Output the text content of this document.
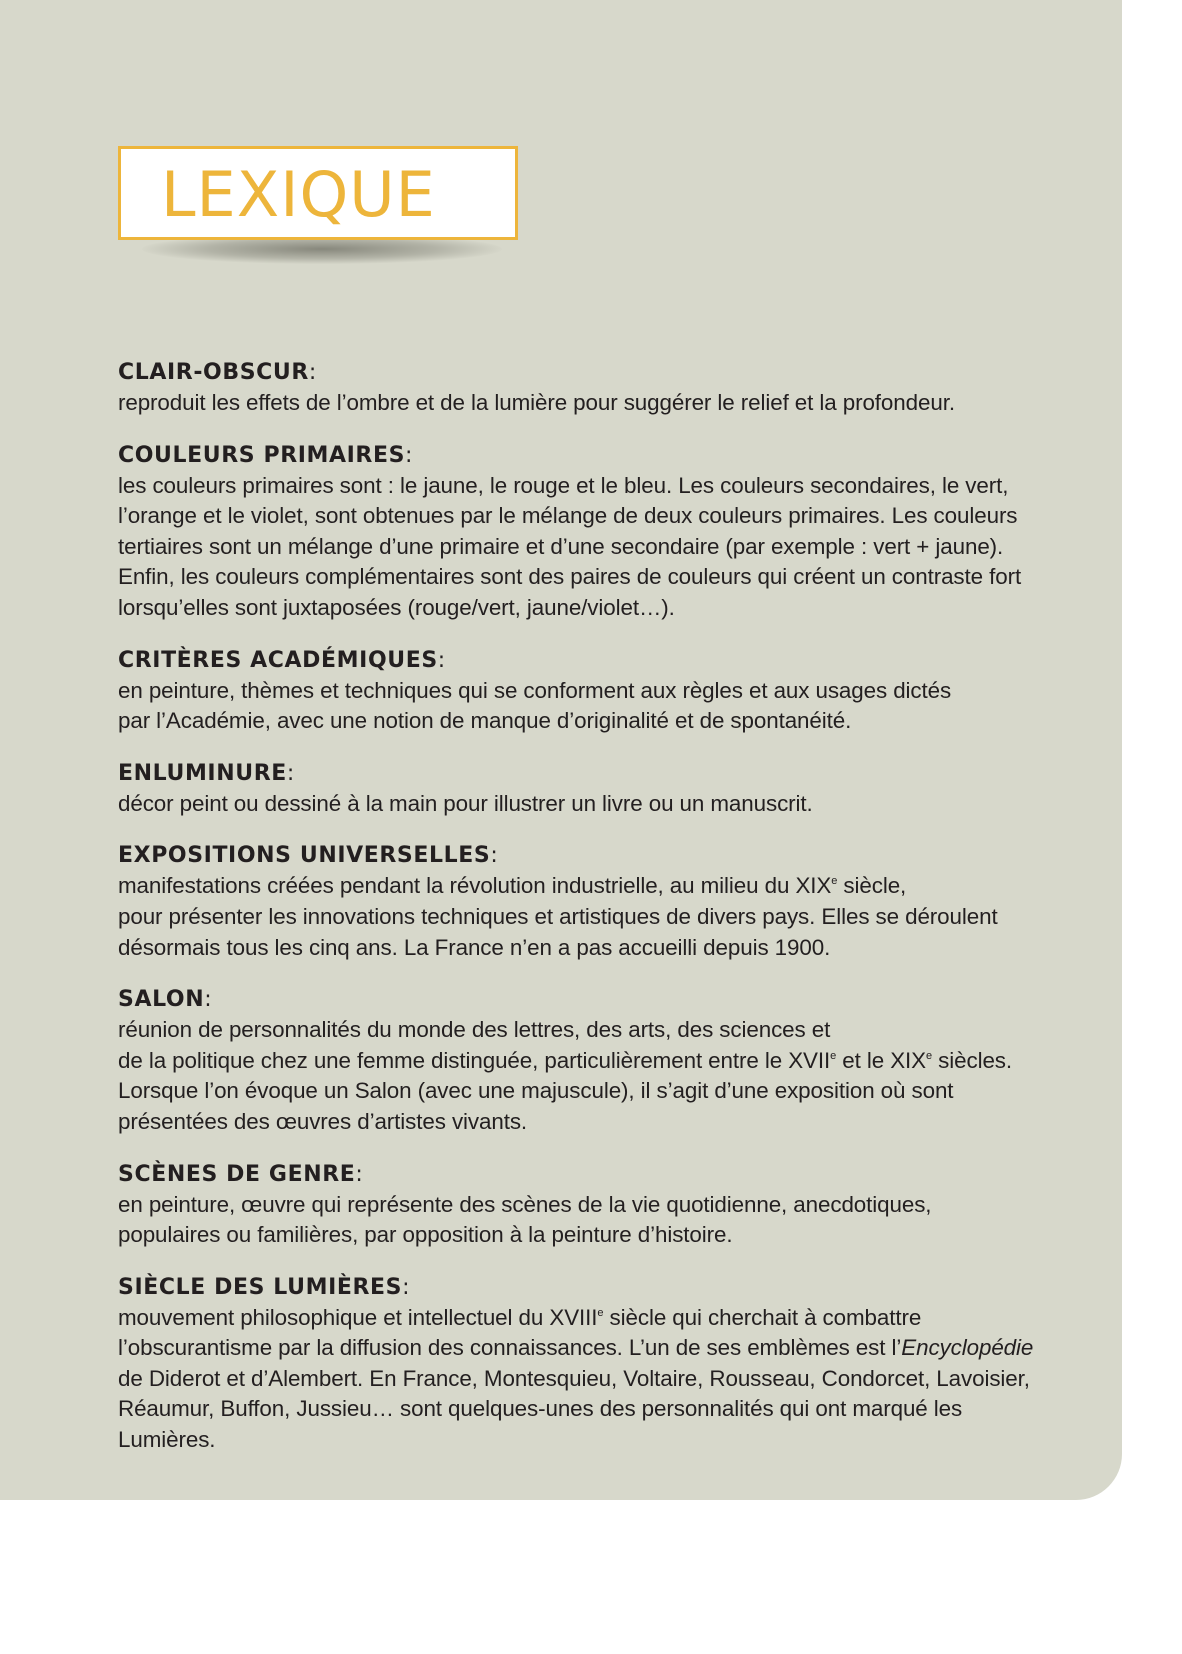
LEXIQUE
CLAIR-OBSCUR:
reproduit les effets de l’ombre et de la lumière pour suggérer le relief et la profondeur.
COULEURS PRIMAIRES:
les couleurs primaires sont : le jaune, le rouge et le bleu. Les couleurs secondaires, le vert,
l’orange et le violet, sont obtenues par le mélange de deux couleurs primaires. Les couleurs
tertiaires sont un mélange d’une primaire et d’une secondaire (par exemple : vert + jaune).
Enfin, les couleurs complémentaires sont des paires de couleurs qui créent un contraste fort
lorsqu’elles sont juxtaposées (rouge/vert, jaune/violet…).
CRITÈRES ACADÉMIQUES:
en peinture, thèmes et techniques qui se conforment aux règles et aux usages dictés
par l’Académie, avec une notion de manque d’originalité et de spontanéité.
ENLUMINURE:
décor peint ou dessiné à la main pour illustrer un livre ou un manuscrit.
EXPOSITIONS UNIVERSELLES:
manifestations créées pendant la révolution industrielle, au milieu du XIXe siècle,
pour présenter les innovations techniques et artistiques de divers pays. Elles se déroulent
désormais tous les cinq ans. La France n’en a pas accueilli depuis 1900.
SALON:
réunion de personnalités du monde des lettres, des arts, des sciences et
de la politique chez une femme distinguée, particulièrement entre le XVIIe et le XIXe siècles.
Lorsque l’on évoque un Salon (avec une majuscule), il s’agit d’une exposition où sont
présentées des œuvres d’artistes vivants.
SCÈNES DE GENRE:
en peinture, œuvre qui représente des scènes de la vie quotidienne, anecdotiques,
populaires ou familières, par opposition à la peinture d’histoire.
SIÈCLE DES LUMIÈRES:
mouvement philosophique et intellectuel du XVIIIe siècle qui cherchait à combattre
l’obscurantisme par la diffusion des connaissances. L’un de ses emblèmes est l’Encyclopédie
de Diderot et d’Alembert. En France, Montesquieu, Voltaire, Rousseau, Condorcet, Lavoisier,
Réaumur, Buffon, Jussieu… sont quelques-unes des personnalités qui ont marqué les
Lumières.
